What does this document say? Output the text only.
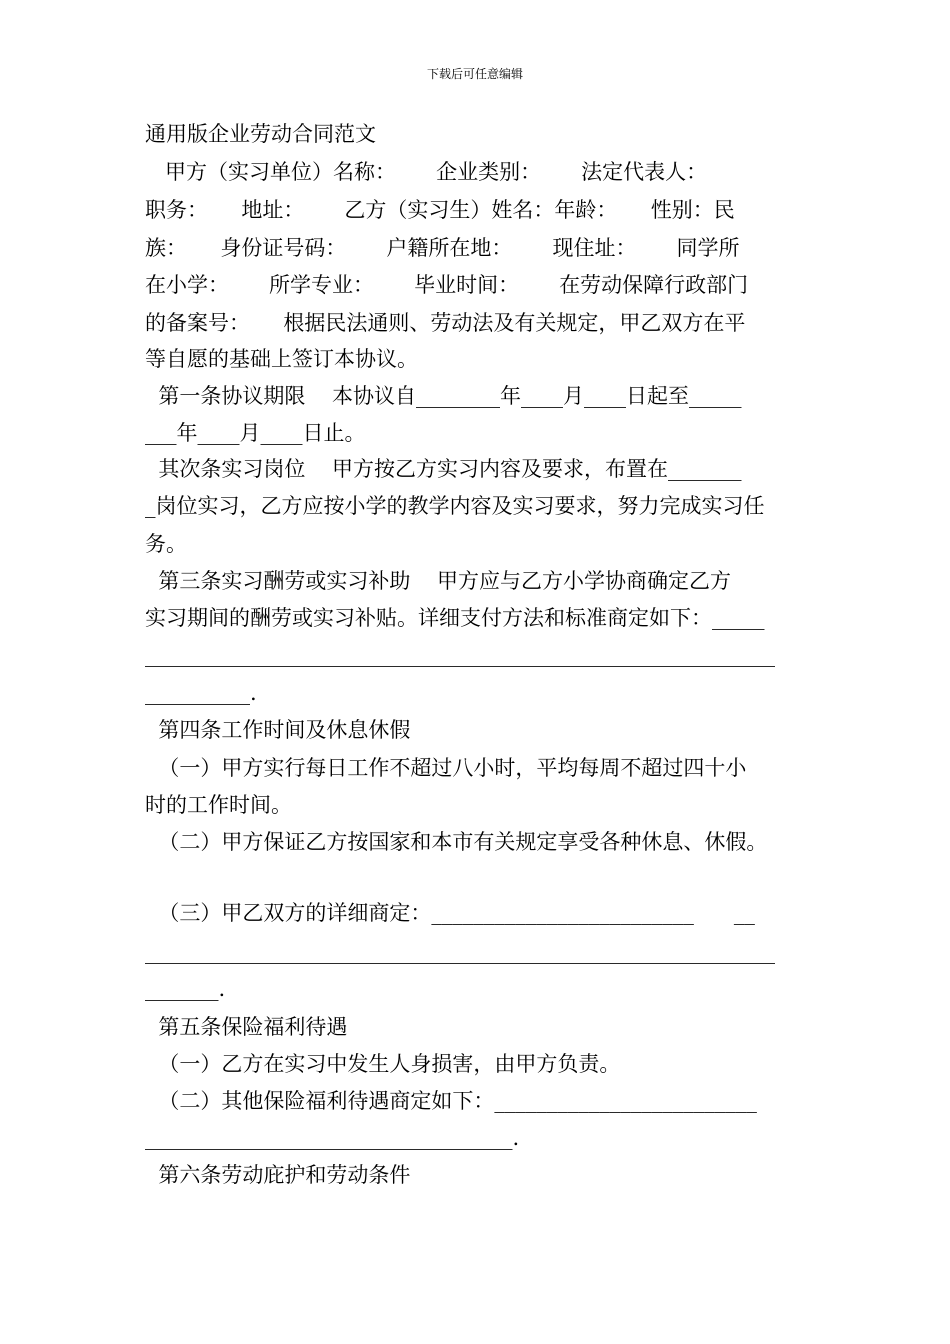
下载后可任意编辑
通用版企业劳动合同范文
甲方（实习单位）名称：      企业类别：      法定代表人：
职务：     地址：      乙方（实习生）姓名：年龄：     性别：民
族：     身份证号码：      户籍所在地：      现住址：      同学所
在小学：      所学专业：      毕业时间：      在劳动保障行政部门
的备案号：     根据民法通则、劳动法及有关规定，甲乙双方在平
等自愿的基础上签订本协议。
第一条协议期限    本协议自________年____月____日起至_____
___年____月____日止。
其次条实习岗位    甲方按乙方实习内容及要求，布置在_______
_岗位实习，乙方应按小学的教学内容及实习要求，努力完成实习任
务。
第三条实习酬劳或实习补助    甲方应与乙方小学协商确定乙方
实习期间的酬劳或实习补贴。详细支付方法和标准商定如下：_____
____________________________________________________________
__________.
第四条工作时间及休息休假
（一）甲方实行每日工作不超过八小时，平均每周不超过四十小
时的工作时间。
（二）甲方保证乙方按国家和本市有关规定享受各种休息、休假。
（三）甲乙双方的详细商定：_________________________      __
____________________________________________________________
_______.
第五条保险福利待遇
（一）乙方在实习中发生人身损害，由甲方负责。
（二）其他保险福利待遇商定如下：_________________________
___________________________________.
第六条劳动庇护和劳动条件
